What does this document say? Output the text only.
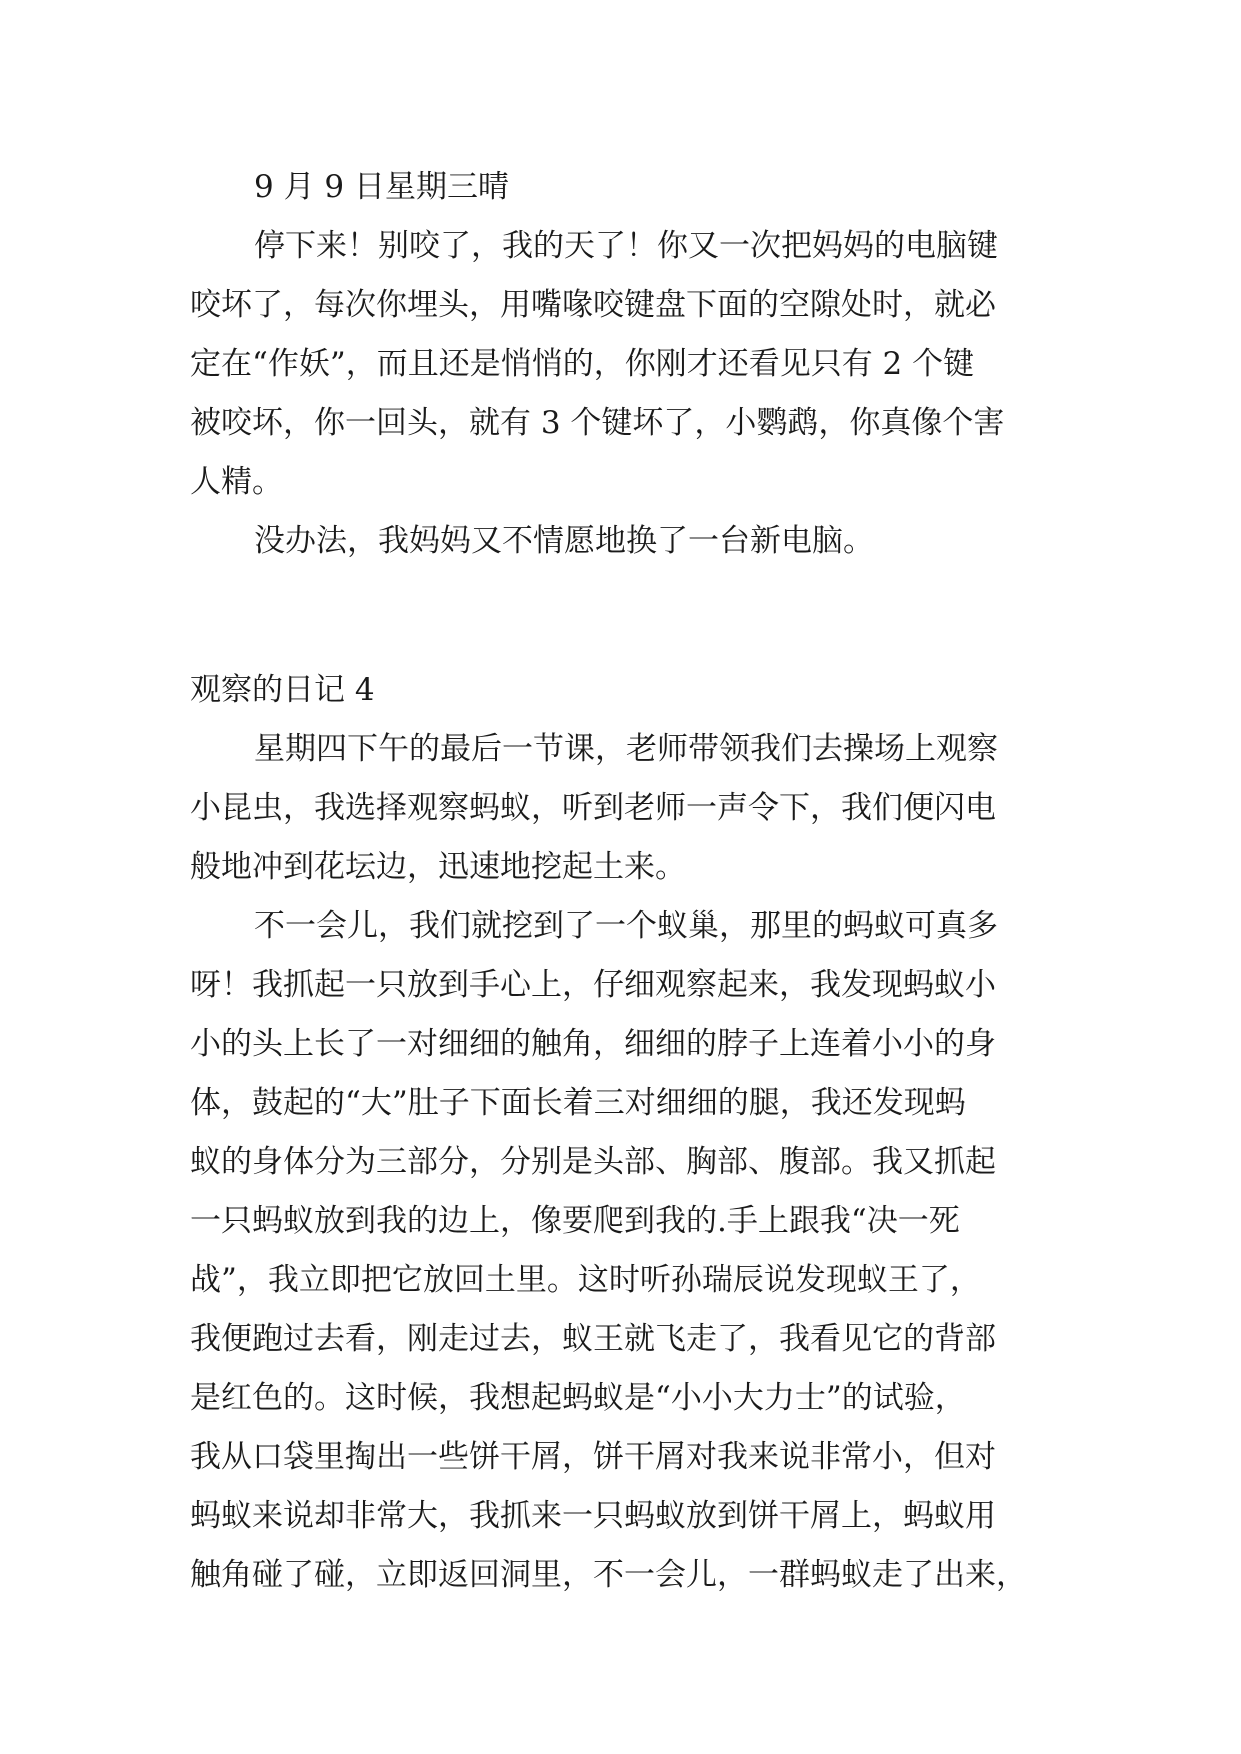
9 月 9 日星期三晴

停下来！别咬了，我的天了！你又一次把妈妈的电脑键

咬坏了，每次你埋头，用嘴喙咬键盘下面的空隙处时，就必

定在“作妖”，而且还是悄悄的，你刚才还看见只有 2 个键

被咬坏，你一回头，就有 3 个键坏了，小鹦鹉，你真像个害

人精。

没办法，我妈妈又不情愿地换了一台新电脑。

观察的日记 4

星期四下午的最后一节课，老师带领我们去操场上观察

小昆虫，我选择观察蚂蚁，听到老师一声令下，我们便闪电

般地冲到花坛边，迅速地挖起土来。

不一会儿，我们就挖到了一个蚁巢，那里的蚂蚁可真多

呀！我抓起一只放到手心上，仔细观察起来，我发现蚂蚁小

小的头上长了一对细细的触角，细细的脖子上连着小小的身

体，鼓起的“大”肚子下面长着三对细细的腿，我还发现蚂

蚁的身体分为三部分，分别是头部、胸部、腹部。我又抓起

一只蚂蚁放到我的边上，像要爬到我的.手上跟我“决一死

战”，我立即把它放回土里。这时听孙瑞辰说发现蚁王了，

我便跑过去看，刚走过去，蚁王就飞走了，我看见它的背部

是红色的。这时候，我想起蚂蚁是“小小大力士”的试验，

我从口袋里掏出一些饼干屑，饼干屑对我来说非常小，但对

蚂蚁来说却非常大，我抓来一只蚂蚁放到饼干屑上，蚂蚁用

触角碰了碰，立即返回洞里，不一会儿，一群蚂蚁走了出来，
